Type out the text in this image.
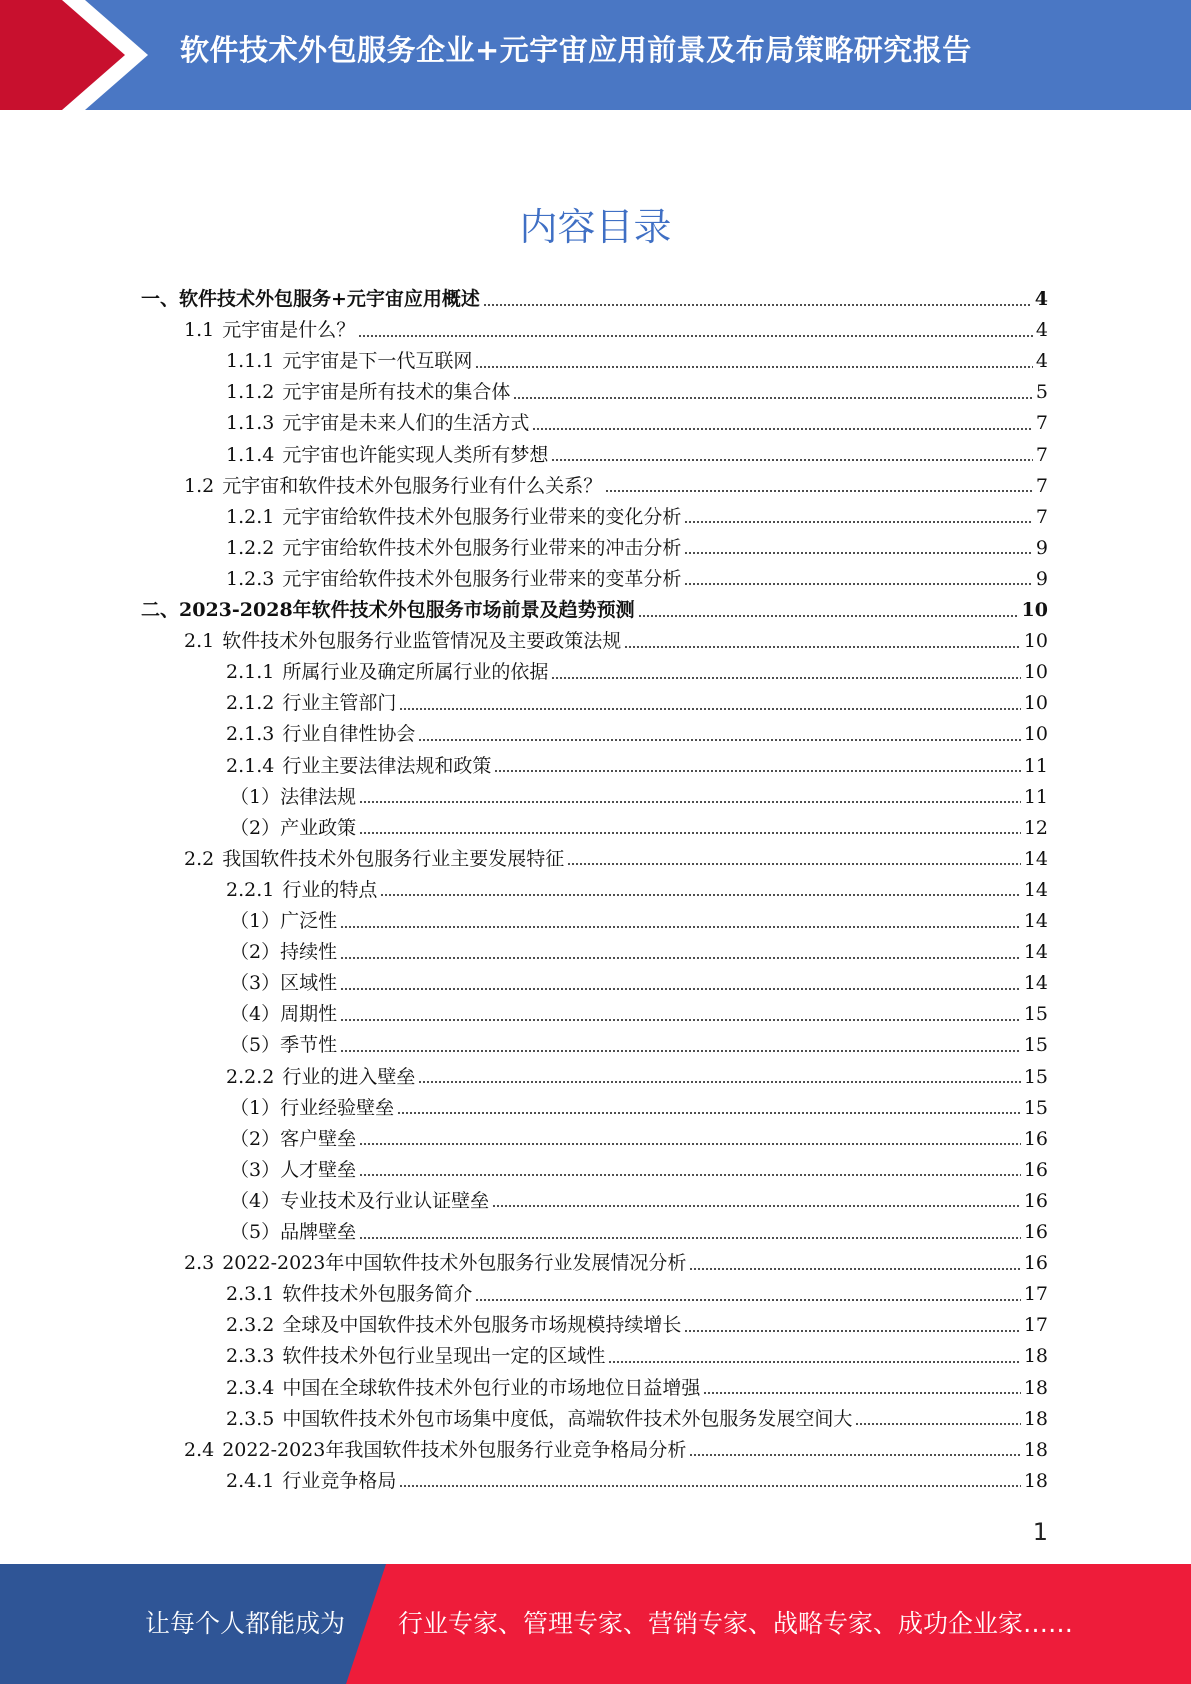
软件技术外包服务企业+元宇宙应用前景及布局策略研究报告
内容目录
一、 软件技术外包服务+元宇宙应用概述	4
1.1 元宇宙是什么？	4
1.1.1 元宇宙是下一代互联网	4
1.1.2 元宇宙是所有技术的集合体	5
1.1.3 元宇宙是未来人们的生活方式	7
1.1.4 元宇宙也许能实现人类所有梦想	7
1.2 元宇宙和软件技术外包服务行业有什么关系？	7
1.2.1 元宇宙给软件技术外包服务行业带来的变化分析	7
1.2.2 元宇宙给软件技术外包服务行业带来的冲击分析	9
1.2.3 元宇宙给软件技术外包服务行业带来的变革分析	9
二、 2023-2028年软件技术外包服务市场前景及趋势预测	10
2.1 软件技术外包服务行业监管情况及主要政策法规	10
2.1.1 所属行业及确定所属行业的依据	10
2.1.2 行业主管部门	10
2.1.3 行业自律性协会	10
2.1.4 行业主要法律法规和政策	11
（1）法律法规	11
（2）产业政策	12
2.2 我国软件技术外包服务行业主要发展特征	14
2.2.1 行业的特点	14
（1）广泛性	14
（2）持续性	14
（3）区域性	14
（4）周期性	15
（5）季节性	15
2.2.2 行业的进入壁垒	15
（1）行业经验壁垒	15
（2）客户壁垒	16
（3）人才壁垒	16
（4）专业技术及行业认证壁垒	16
（5）品牌壁垒	16
2.3 2022-2023年中国软件技术外包服务行业发展情况分析	16
2.3.1 软件技术外包服务简介	17
2.3.2 全球及中国软件技术外包服务市场规模持续增长	17
2.3.3 软件技术外包行业呈现出一定的区域性	18
2.3.4 中国在全球软件技术外包行业的市场地位日益增强	18
2.3.5 中国软件技术外包市场集中度低，高端软件技术外包服务发展空间大	18
2.4 2022-2023年我国软件技术外包服务行业竞争格局分析	18
2.4.1 行业竞争格局	18
1
让每个人都能成为 行业专家、管理专家、营销专家、战略专家、成功企业家……
